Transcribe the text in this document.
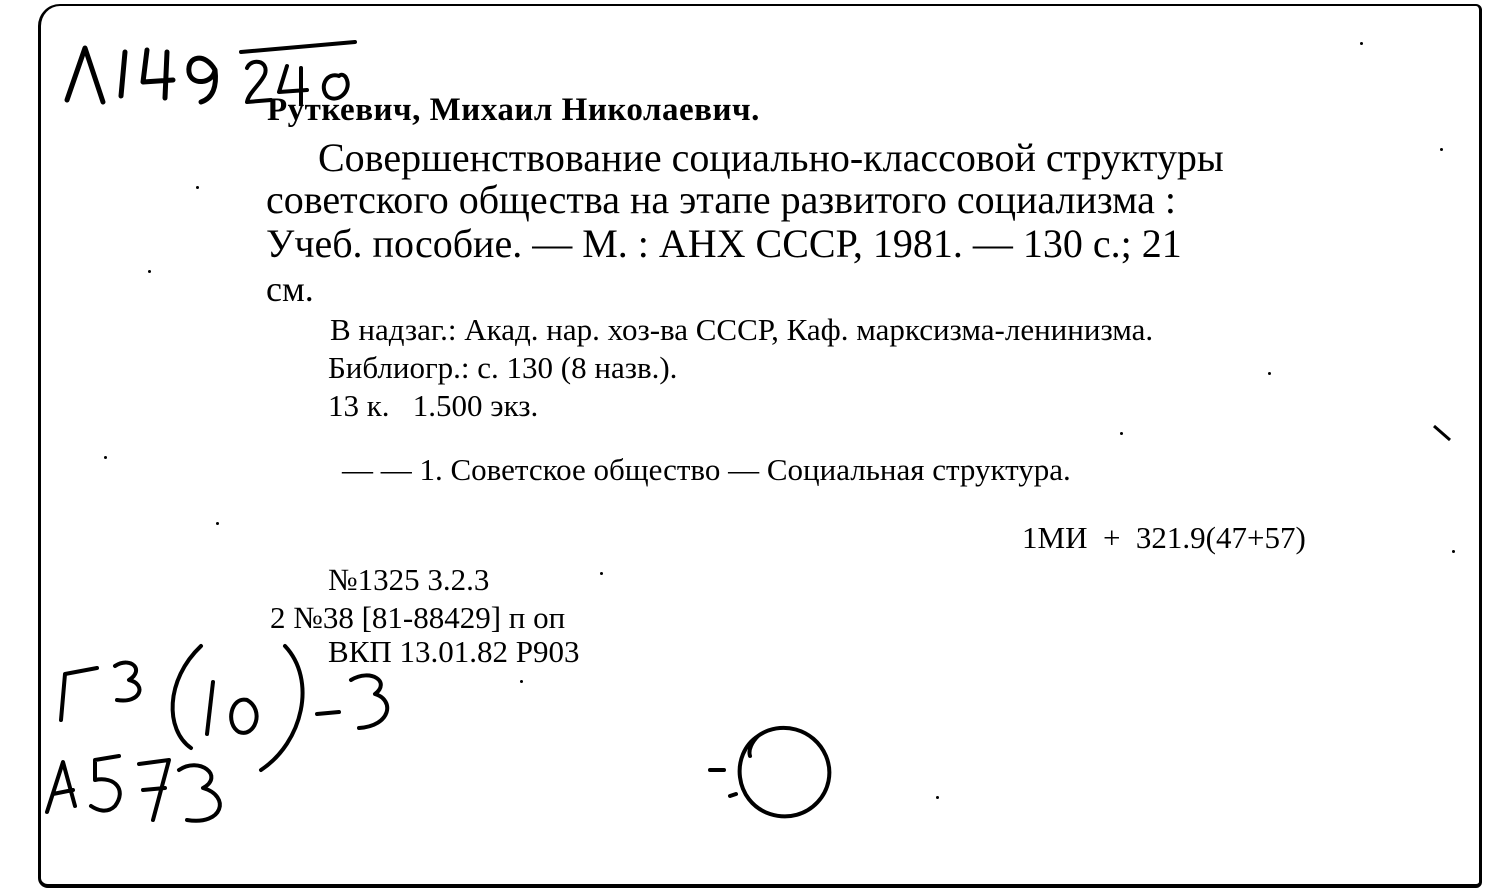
Руткевич, Михаил Николаевич.
Совершенствование социально-классовой структуры
советского общества на этапе развитого социализма :
Учеб. пособие. — М. : АНХ СССР, 1981. — 130 с.; 21
см.
В надзаг.: Акад. нар. хоз-ва СССР, Каф. марксизма-ленинизма.
Библиогр.: с. 130 (8 назв.).
13 к.   1.500 экз.
— — 1. Советское общество — Социальная структура.
1МИ  +  321.9(47+57)
№1325 3.2.3
2 №38 [81-88429] п оп
ВКП 13.01.82 Р903
